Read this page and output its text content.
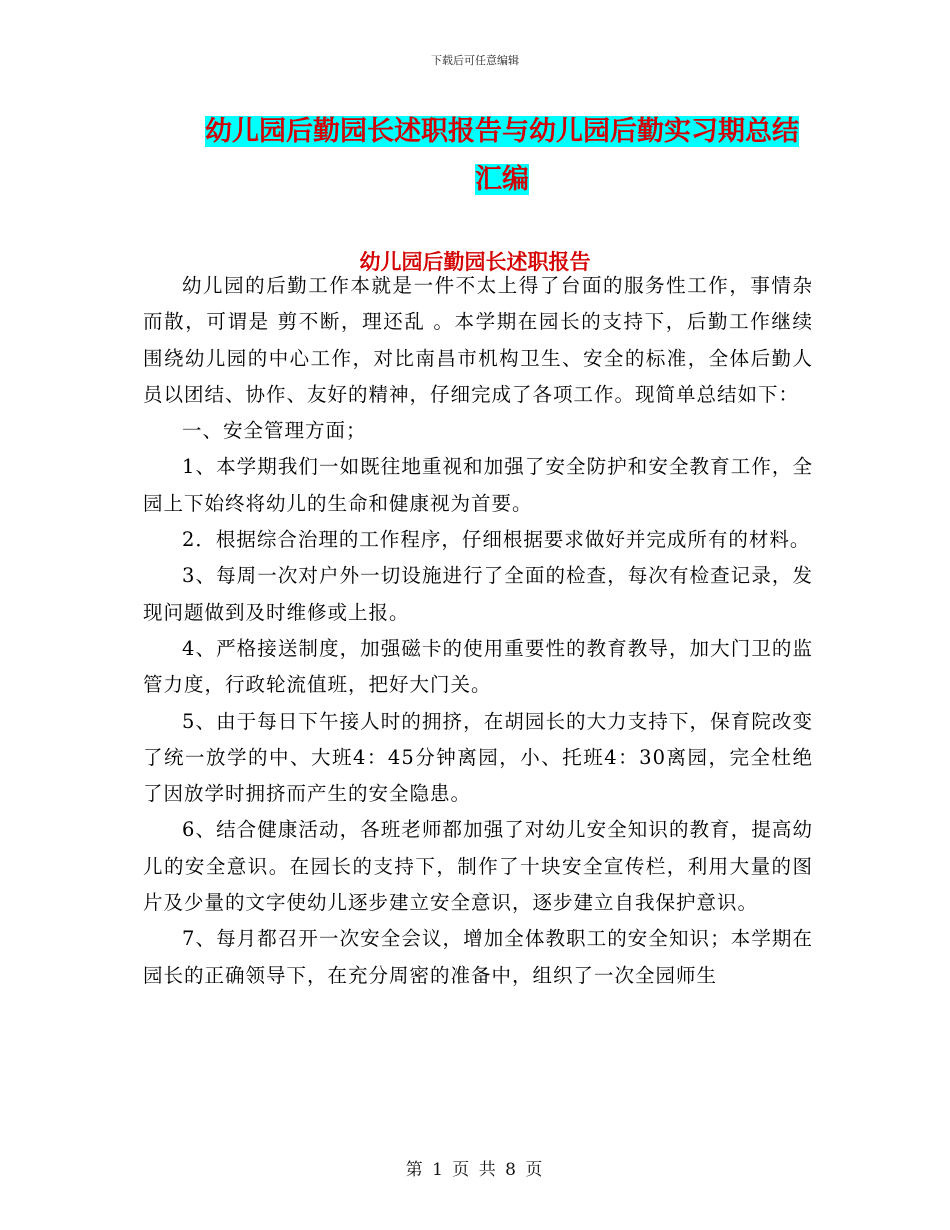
下载后可任意编辑
幼儿园后勤园长述职报告与幼儿园后勤实习期总结汇编
幼儿园后勤园长述职报告

幼儿园的后勤工作本就是一件不太上得了台面的服务性工作，事情杂而散，可谓是 剪不断，理还乱 。本学期在园长的支持下，后勤工作继续围绕幼儿园的中心工作，对比南昌市机构卫生、安全的标准，全体后勤人员以团结、协作、友好的精神，仔细完成了各项工作。现简单总结如下：

一、安全管理方面；

1、本学期我们一如既往地重视和加强了安全防护和安全教育工作，全园上下始终将幼儿的生命和健康视为首要。

2．根据综合治理的工作程序，仔细根据要求做好并完成所有的材料。

3、每周一次对户外一切设施进行了全面的检查，每次有检查记录，发现问题做到及时维修或上报。

4、严格接送制度，加强磁卡的使用重要性的教育教导，加大门卫的监管力度，行政轮流值班，把好大门关。

5、由于每日下午接人时的拥挤，在胡园长的大力支持下，保育院改变了统一放学的中、大班4：45分钟离园，小、托班4：30离园，完全杜绝了因放学时拥挤而产生的安全隐患。

6、结合健康活动，各班老师都加强了对幼儿安全知识的教育，提高幼儿的安全意识。在园长的支持下，制作了十块安全宣传栏，利用大量的图片及少量的文字使幼儿逐步建立安全意识，逐步建立自我保护意识。

7、每月都召开一次安全会议，增加全体教职工的安全知识；本学期在园长的正确领导下，在充分周密的准备中，组织了一次全园师生

第 1 页 共 8 页
